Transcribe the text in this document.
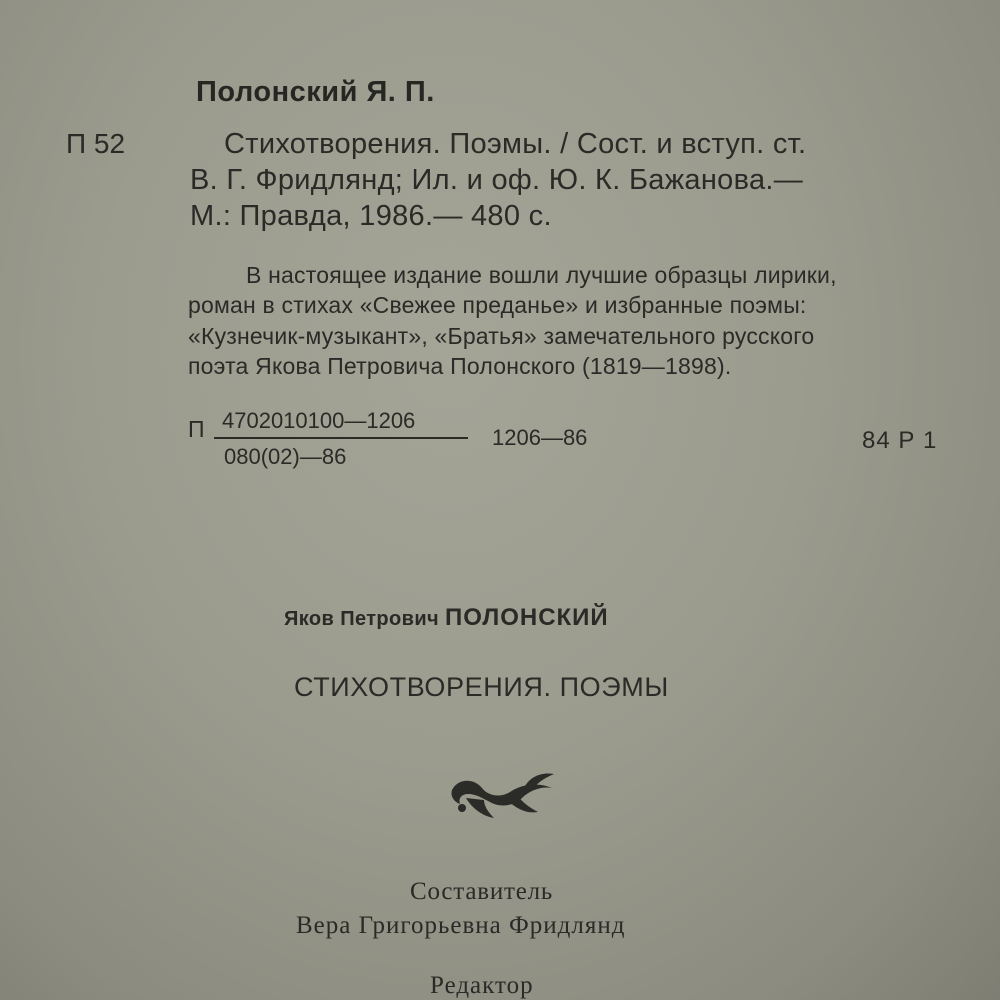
Полонский Я. П.
П 52	Стихотворения. Поэмы. / Сост. и вступ. ст.
В. Г. Фридлянд; Ил. и оф. Ю. К. Бажанова.—
М.: Правда, 1986.— 480 с.
В настоящее издание вошли лучшие образцы лирики,
роман в стихах «Свежее преданье» и избранные поэмы:
«Кузнечик-музыкант», «Братья» замечательного русского
поэта Якова Петровича Полонского (1819—1898).
П 4702010100—1206
080(02)—86
1206—86	84 Р 1
Яков Петрович ПОЛОНСКИЙ
СТИХОТВОРЕНИЯ. ПОЭМЫ
Составитель
Вера Григорьевна Фридлянд
Редактор
